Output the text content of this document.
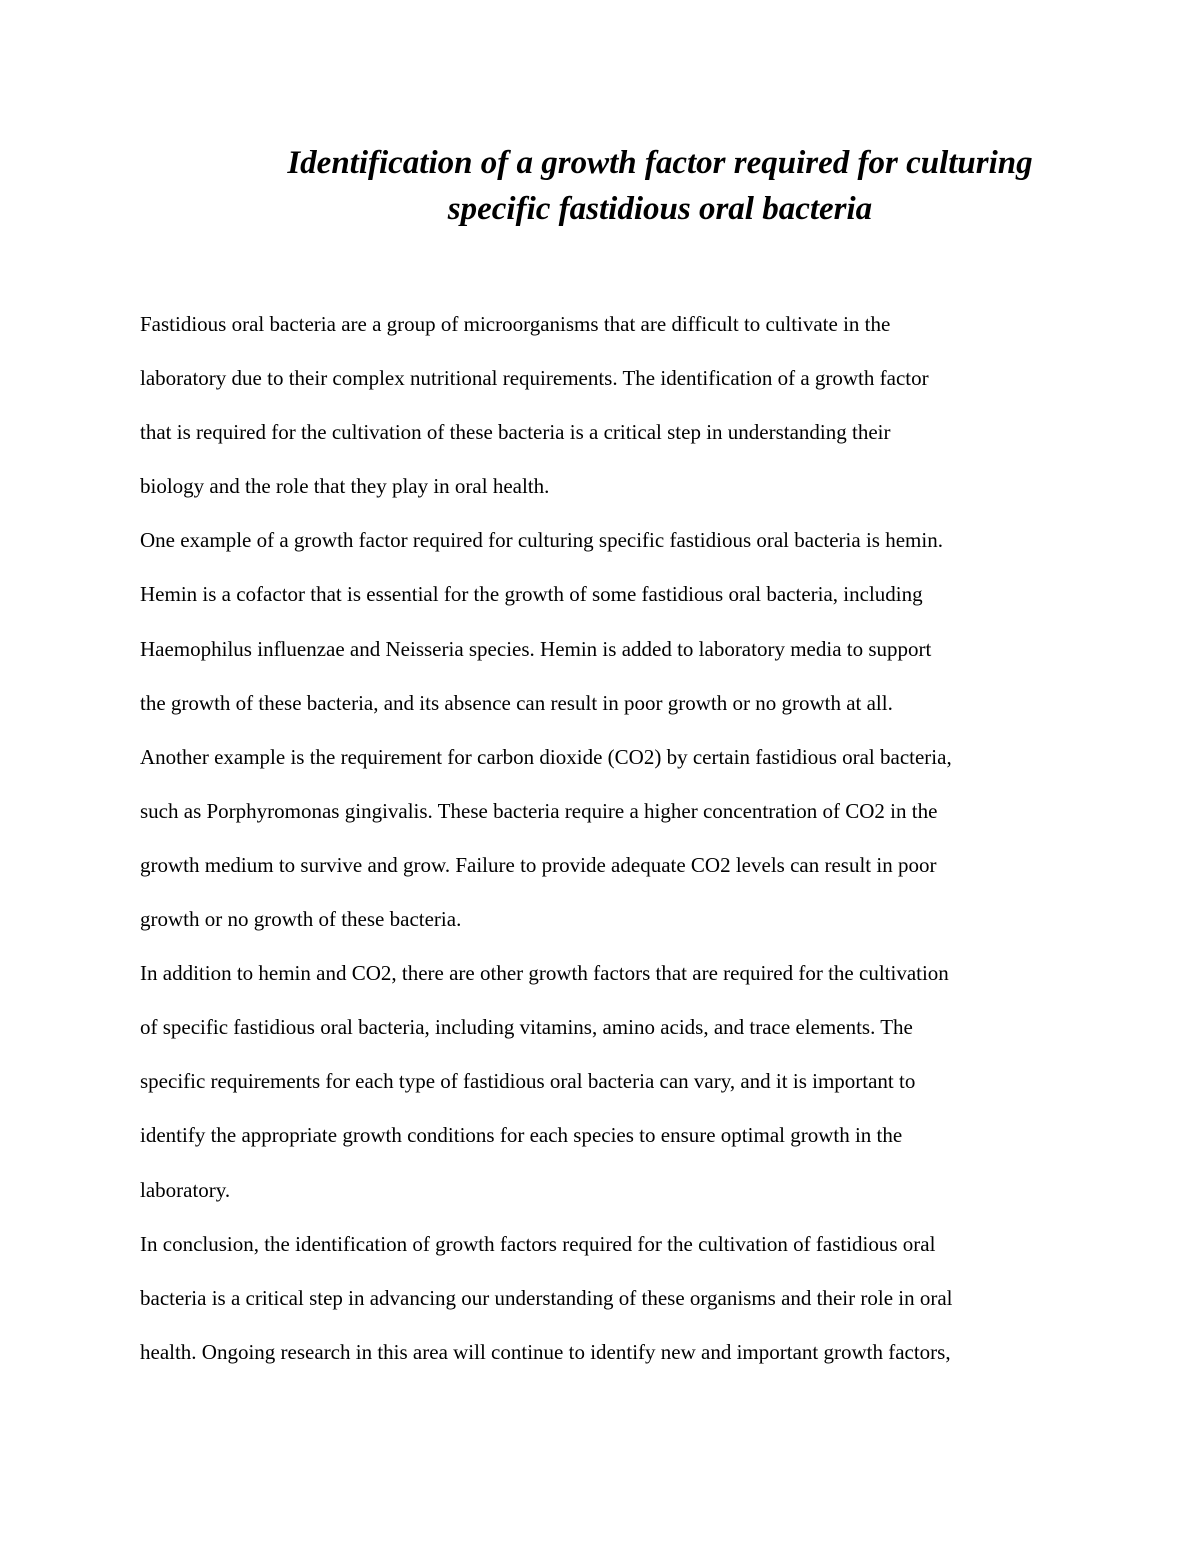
Identification of a growth factor required for culturing
specific fastidious oral bacteria
Fastidious oral bacteria are a group of microorganisms that are difficult to cultivate in the
laboratory due to their complex nutritional requirements. The identification of a growth factor
that is required for the cultivation of these bacteria is a critical step in understanding their
biology and the role that they play in oral health.
One example of a growth factor required for culturing specific fastidious oral bacteria is hemin.
Hemin is a cofactor that is essential for the growth of some fastidious oral bacteria, including
Haemophilus influenzae and Neisseria species. Hemin is added to laboratory media to support
the growth of these bacteria, and its absence can result in poor growth or no growth at all.
Another example is the requirement for carbon dioxide (CO2) by certain fastidious oral bacteria,
such as Porphyromonas gingivalis. These bacteria require a higher concentration of CO2 in the
growth medium to survive and grow. Failure to provide adequate CO2 levels can result in poor
growth or no growth of these bacteria.
In addition to hemin and CO2, there are other growth factors that are required for the cultivation
of specific fastidious oral bacteria, including vitamins, amino acids, and trace elements. The
specific requirements for each type of fastidious oral bacteria can vary, and it is important to
identify the appropriate growth conditions for each species to ensure optimal growth in the
laboratory.
In conclusion, the identification of growth factors required for the cultivation of fastidious oral
bacteria is a critical step in advancing our understanding of these organisms and their role in oral
health. Ongoing research in this area will continue to identify new and important growth factors,
